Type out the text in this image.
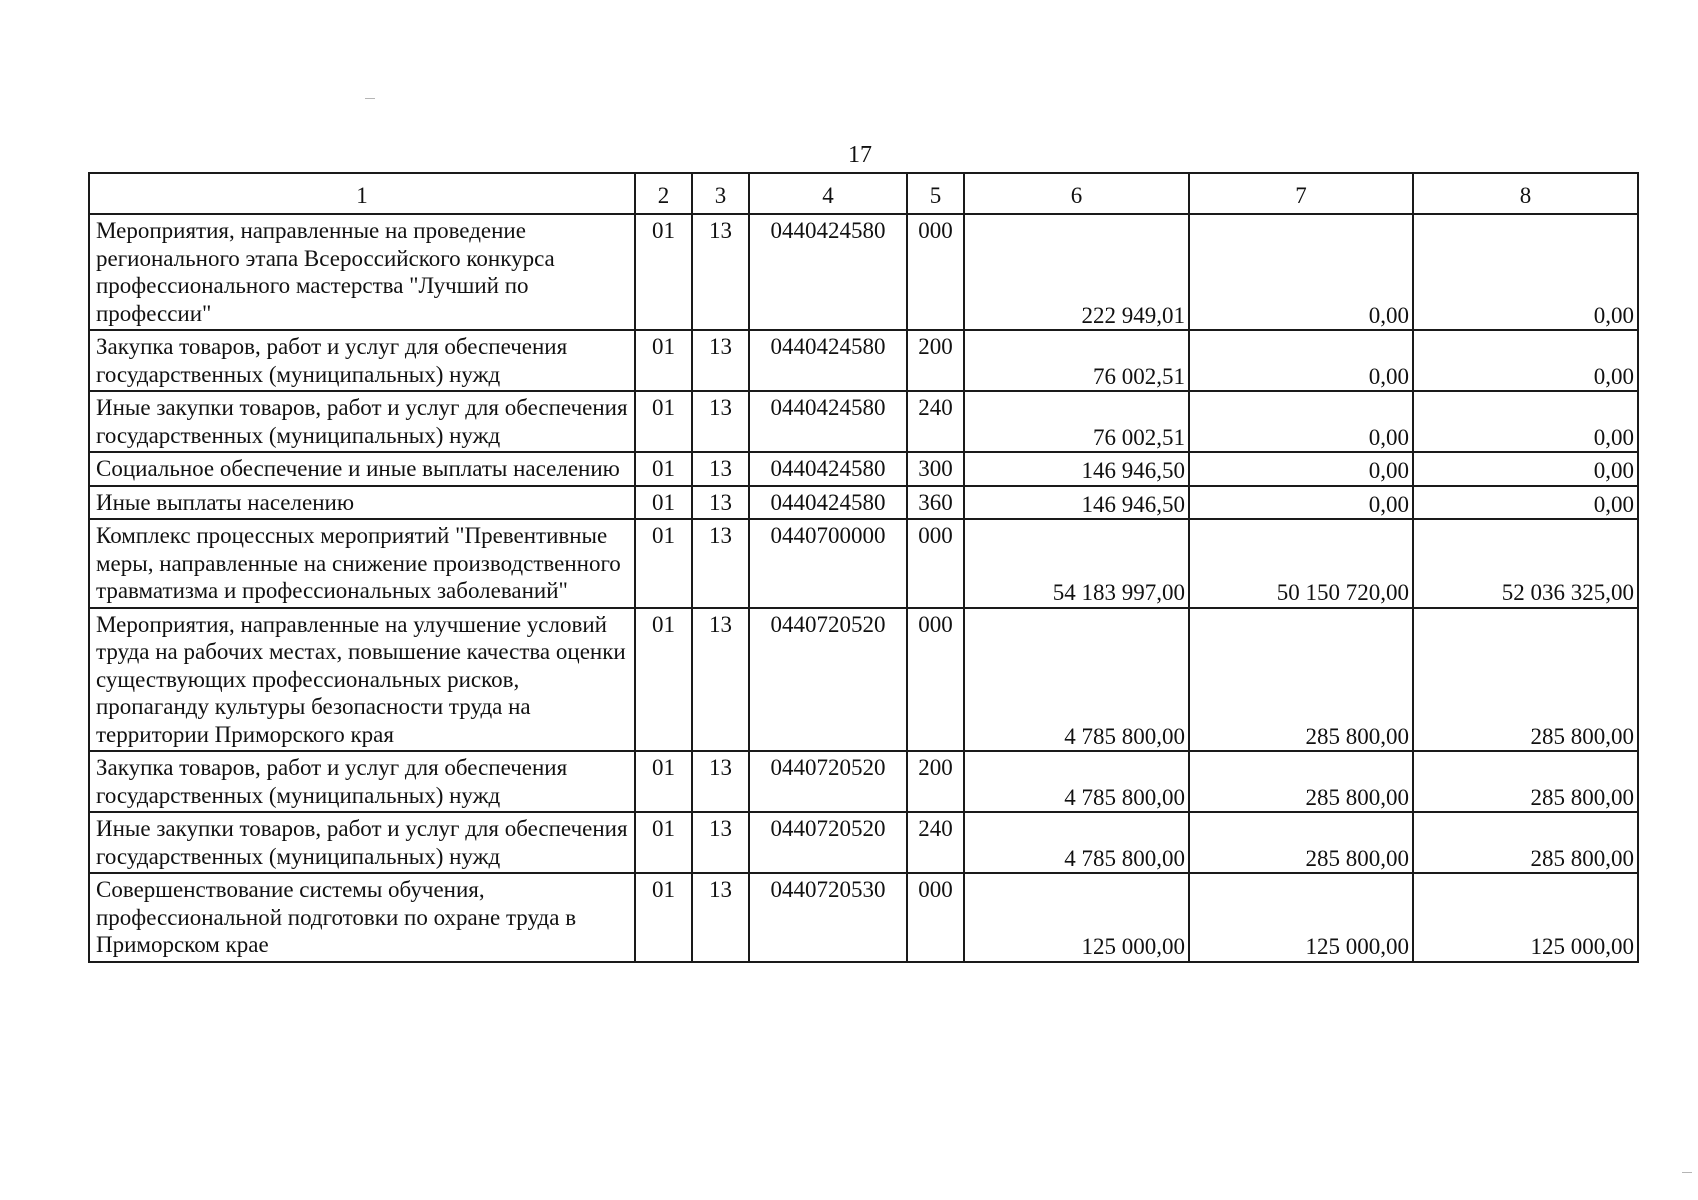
17
1	2	3	4	5	6	7	8
Мероприятия, направленные на проведение регионального этапа Всероссийского конкурса профессионального мастерства "Лучший по профессии"	01	13	0440424580	000	222 949,01	0,00	0,00
Закупка товаров, работ и услуг для обеспечения государственных (муниципальных) нужд	01	13	0440424580	200	76 002,51	0,00	0,00
Иные закупки товаров, работ и услуг для обеспечения государственных (муниципальных) нужд	01	13	0440424580	240	76 002,51	0,00	0,00
Социальное обеспечение и иные выплаты населению	01	13	0440424580	300	146 946,50	0,00	0,00
Иные выплаты населению	01	13	0440424580	360	146 946,50	0,00	0,00
Комплекс процессных мероприятий "Превентивные меры, направленные на снижение производственного травматизма и профессиональных заболеваний"	01	13	0440700000	000	54 183 997,00	50 150 720,00	52 036 325,00
Мероприятия, направленные на улучшение условий труда на рабочих местах, повышение качества оценки существующих профессиональных рисков, пропаганду культуры безопасности труда на территории Приморского края	01	13	0440720520	000	4 785 800,00	285 800,00	285 800,00
Закупка товаров, работ и услуг для обеспечения государственных (муниципальных) нужд	01	13	0440720520	200	4 785 800,00	285 800,00	285 800,00
Иные закупки товаров, работ и услуг для обеспечения государственных (муниципальных) нужд	01	13	0440720520	240	4 785 800,00	285 800,00	285 800,00
Совершенствование системы обучения, профессиональной подготовки по охране труда в Приморском крае	01	13	0440720530	000	125 000,00	125 000,00	125 000,00
